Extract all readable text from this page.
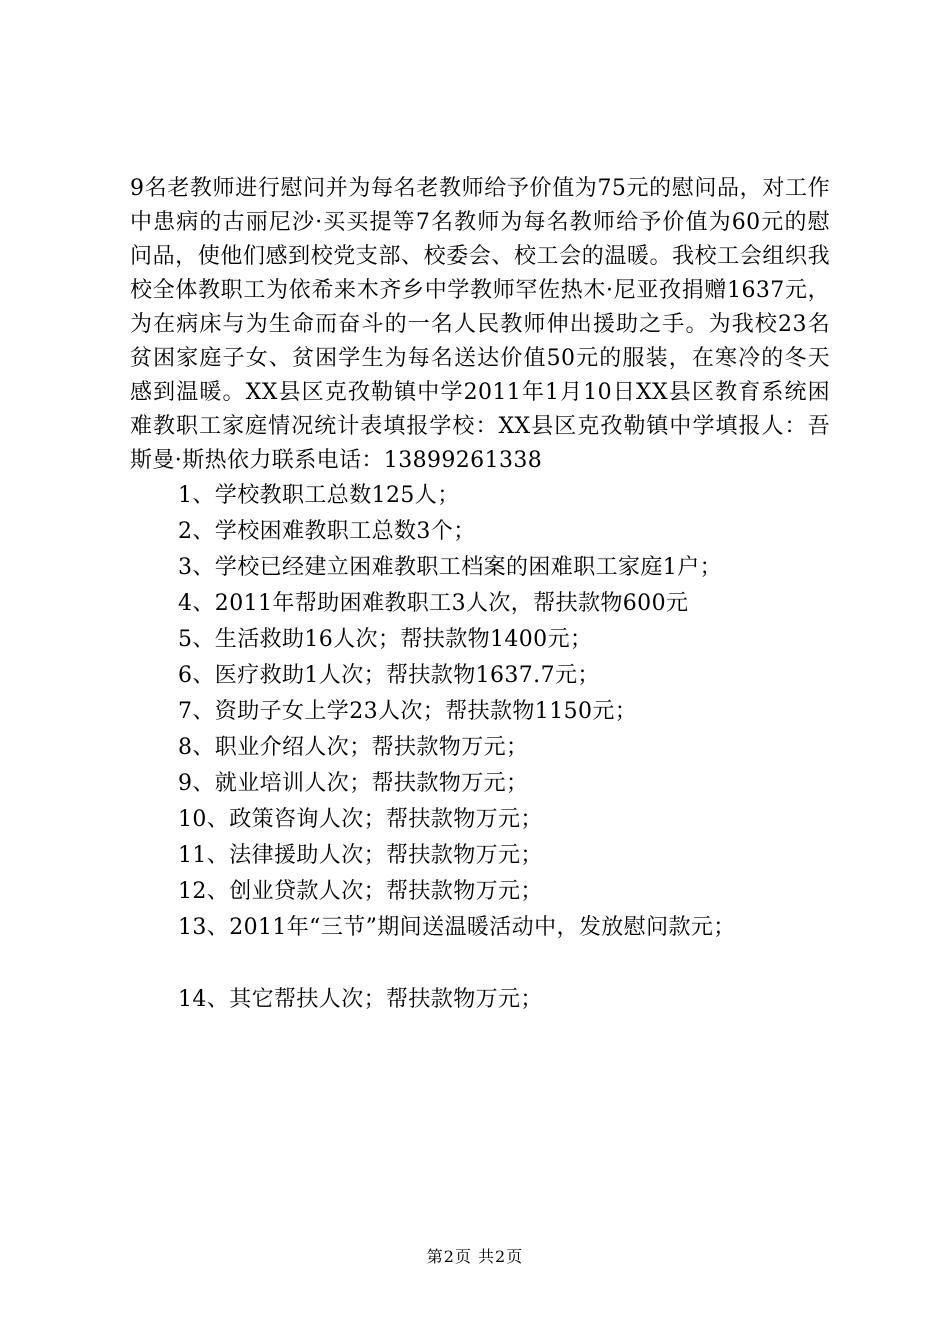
9名老教师进行慰问并为每名老教师给予价值为75元的慰问品，对工作中患病的古丽尼沙·买买提等7名教师为每名教师给予价值为60元的慰问品，使他们感到校党支部、校委会、校工会的温暖。我校工会组织我校全体教职工为依希来木齐乡中学教师罕佐热木·尼亚孜捐赠1637元，为在病床与为生命而奋斗的一名人民教师伸出援助之手。为我校23名贫困家庭子女、贫困学生为每名送达价值50元的服装，在寒冷的冬天感到温暖。XX县区克孜勒镇中学2011年1月10日XX县区教育系统困难教职工家庭情况统计表填报学校：XX县区克孜勒镇中学填报人：吾斯曼·斯热依力联系电话：13899261338

1、学校教职工总数125人；
2、学校困难教职工总数3个；
3、学校已经建立困难教职工档案的困难职工家庭1户；
4、2011年帮助困难教职工3人次，帮扶款物600元
5、生活救助16人次；帮扶款物1400元；
6、医疗救助1人次；帮扶款物1637.7元；
7、资助子女上学23人次；帮扶款物1150元；
8、职业介绍人次；帮扶款物万元；
9、就业培训人次；帮扶款物万元；
10、政策咨询人次；帮扶款物万元；
11、法律援助人次；帮扶款物万元；
12、创业贷款人次；帮扶款物万元；
13、2011年“三节”期间送温暖活动中，发放慰问款元；
14、其它帮扶人次；帮扶款物万元；
第2页 共2页
